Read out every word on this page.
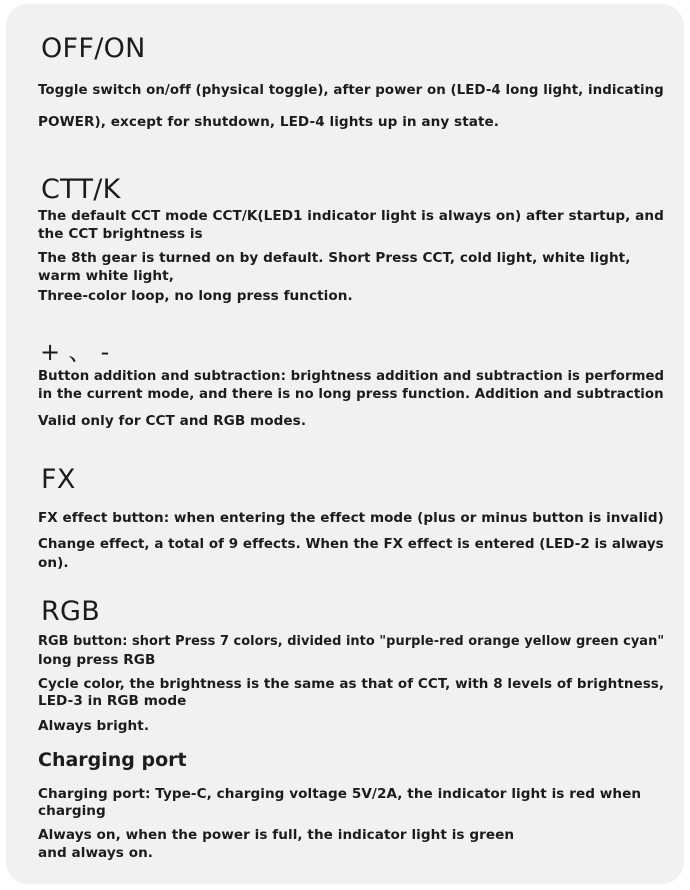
OFF/ON

Toggle switch on/off (physical toggle), after power on (LED-4 long light, indicating

POWER), except for shutdown, LED-4 lights up in any state.

CTT/K

The default CCT mode CCT/K(LED1 indicator light is always on) after startup, and

the CCT brightness is

The 8th gear is turned on by default. Short Press CCT, cold light, white light,

warm white light,

Three-color loop, no long press function.

+ 、 -

Button addition and subtraction: brightness addition and subtraction is performed

in the current mode, and there is no long press function. Addition and subtraction

Valid only for CCT and RGB modes.

FX

FX effect button: when entering the effect mode (plus or minus button is invalid)

Change effect, a total of 9 effects. When the FX effect is entered (LED-2 is always

on).

RGB

RGB button: short Press 7 colors, divided into "purple-red orange yellow green cyan"

long press RGB

Cycle color, the brightness is the same as that of CCT, with 8 levels of brightness,

LED-3 in RGB mode

Always bright.

Charging port

Charging port: Type-C, charging voltage 5V/2A, the indicator light is red when

charging

Always on, when the power is full, the indicator light is green

and always on.
